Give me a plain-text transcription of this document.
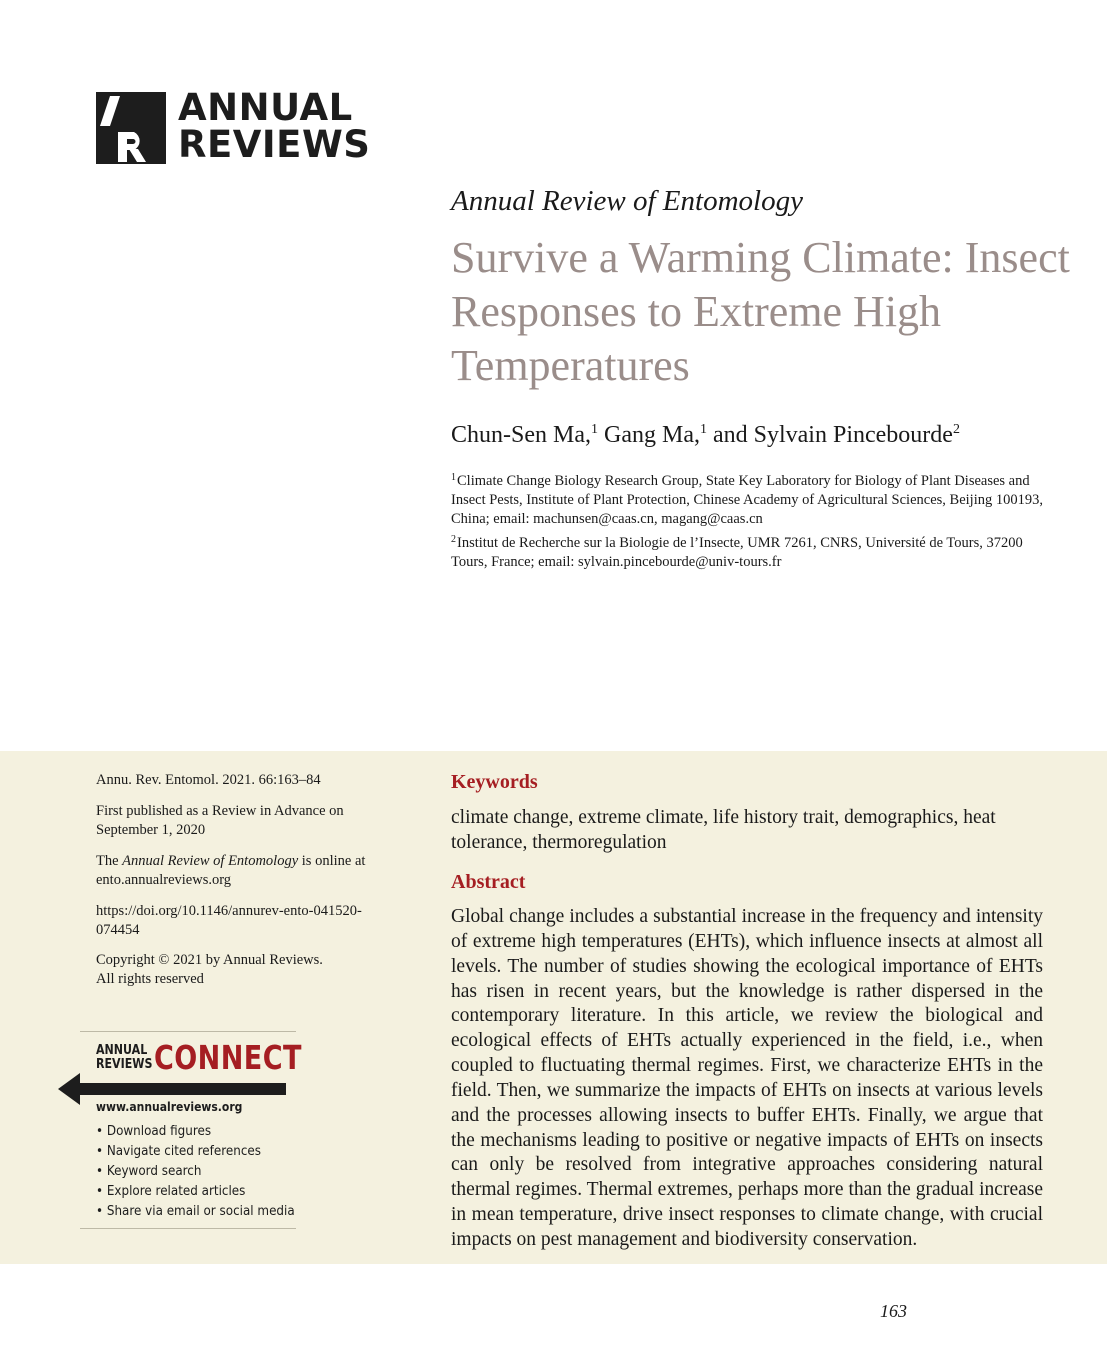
ANNUAL
REVIEWS
Annual Review of Entomology
Survive a Warming Climate: Insect Responses to Extreme High Temperatures
Chun-Sen Ma,$^1$ Gang Ma,$^1$ and Sylvain Pincebourde$^2$
$^1$Climate Change Biology Research Group, State Key Laboratory for Biology of Plant Diseases and Insect Pests, Institute of Plant Protection, Chinese Academy of Agricultural Sciences, Beijing 100193, China; email: machunsen@caas.cn, magang@caas.cn
$^2$Institut de Recherche sur la Biologie de l’Insecte, UMR 7261, CNRS, Université de Tours, 37200 Tours, France; email: sylvain.pincebourde@univ-tours.fr
Annu. Rev. Entomol. 2021. 66:163–84
First published as a Review in Advance on September 1, 2020
The Annual Review of Entomology is online at ento.annualreviews.org
https://doi.org/10.1146/annurev-ento-041520-074454
Copyright © 2021 by Annual Reviews.
All rights reserved
ANNUAL
REVIEWS CONNECT
www.annualreviews.org
• Download figures
• Navigate cited references
• Keyword search
• Explore related articles
• Share via email or social media
Keywords
climate change, extreme climate, life history trait, demographics, heat tolerance, thermoregulation
Abstract

Global change includes a substantial increase in the frequency and intensity of extreme high temperatures (EHTs), which influence insects at almost all levels. The number of studies showing the ecological importance of EHTs has risen in recent years, but the knowledge is rather dispersed in the contemporary literature. In this article, we review the biological and ecological effects of EHTs actually experienced in the field, i.e., when coupled to fluctuating thermal regimes. First, we characterize EHTs in the field. Then, we summarize the impacts of EHTs on insects at various levels and the processes allowing insects to buffer EHTs. Finally, we argue that the mechanisms leading to positive or negative impacts of EHTs on insects can only be resolved from integrative approaches considering natural thermal regimes. Thermal extremes, perhaps more than the gradual increase in mean temperature, drive insect responses to climate change, with crucial impacts on pest management and biodiversity conservation.

163
